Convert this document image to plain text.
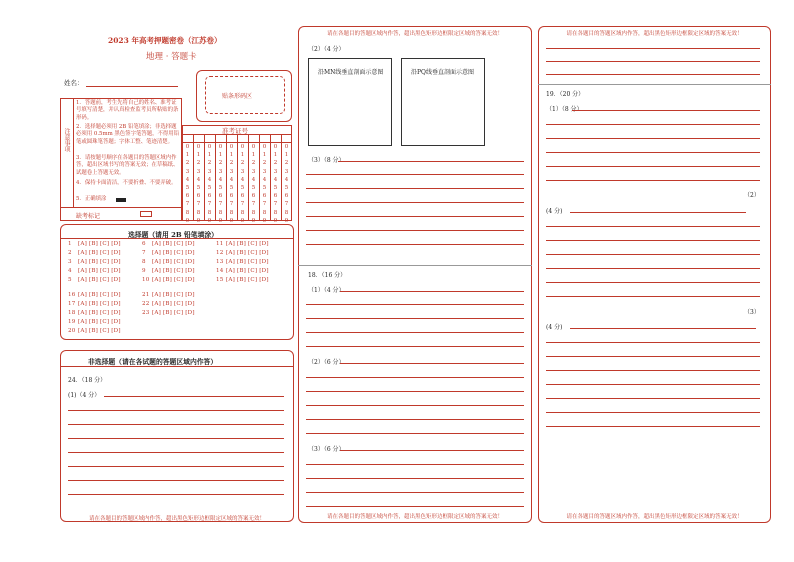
2023 年高考押题密卷（江苏卷）
地理 · 答题卡
姓名：
贴条形码区
注意事项
1．答题前，考生先将自己的姓名、准考证号填写清楚，并认真检查监考员所粘贴的条形码。
2．选择题必须用 2B 铅笔填涂；非选择题必须用 0.5mm 黑色签字笔答题，不得用铅笔或圆珠笔答题；字体工整、笔迹清楚。
3．请按题号顺序在各题目的答题区域内作答，超出区域书写的答案无效；在草稿纸、试题卷上答题无效。
4．保持卡面清洁，不要折叠、不要弄破。
5．正确填涂
缺考标记
准考证号
0
1
2
3
4
5
6
7
8
9
0
1
2
3
4
5
6
7
8
9
0
1
2
3
4
5
6
7
8
9
0
1
2
3
4
5
6
7
8
9
0
1
2
3
4
5
6
7
8
9
0
1
2
3
4
5
6
7
8
9
0
1
2
3
4
5
6
7
8
9
0
1
2
3
4
5
6
7
8
9
0
1
2
3
4
5
6
7
8
9
0
1
2
3
4
5
6
7
8
9
选择题（请用 2B 铅笔填涂）
1 [A] [B] [C] [D]
2 [A] [B] [C] [D]
3 [A] [B] [C] [D]
4 [A] [B] [C] [D]
5 [A] [B] [C] [D]
6 [A] [B] [C] [D]
7 [A] [B] [C] [D]
8 [A] [B] [C] [D]
9 [A] [B] [C] [D]
10 [A] [B] [C] [D]
11 [A] [B] [C] [D]
12 [A] [B] [C] [D]
13 [A] [B] [C] [D]
14 [A] [B] [C] [D]
15 [A] [B] [C] [D]
16 [A] [B] [C] [D]
17 [A] [B] [C] [D]
18 [A] [B] [C] [D]
19 [A] [B] [C] [D]
20 [A] [B] [C] [D]
21 [A] [B] [C] [D]
22 [A] [B] [C] [D]
23 [A] [B] [C] [D]
非选择题（请在各试题的答题区域内作答）
24．（18 分）
(1)（4 分）
请在各题目的答题区域内作答，超出黑色矩形边框限定区域的答案无效！
请在各题目的答题区域内作答，超出黑色矩形边框限定区域的答案无效！
（2）（4 分）
沿MN线垂直剖面示意图	沿PQ线垂直剖面示意图
（3）（8 分）
18．（16 分）
（1）（4 分）
（2）（6 分）
（3）（6 分）
请在各题目的答题区域内作答，超出黑色矩形边框限定区域的答案无效！
请在各题目的答题区域内作答，超出黑色矩形边框限定区域的答案无效！
19．（20 分）
（1）（8 分）
（2）
(4 分)
（3）
(4 分)
请在各题目的答题区域内作答，超出黑色矩形边框限定区域的答案无效！
